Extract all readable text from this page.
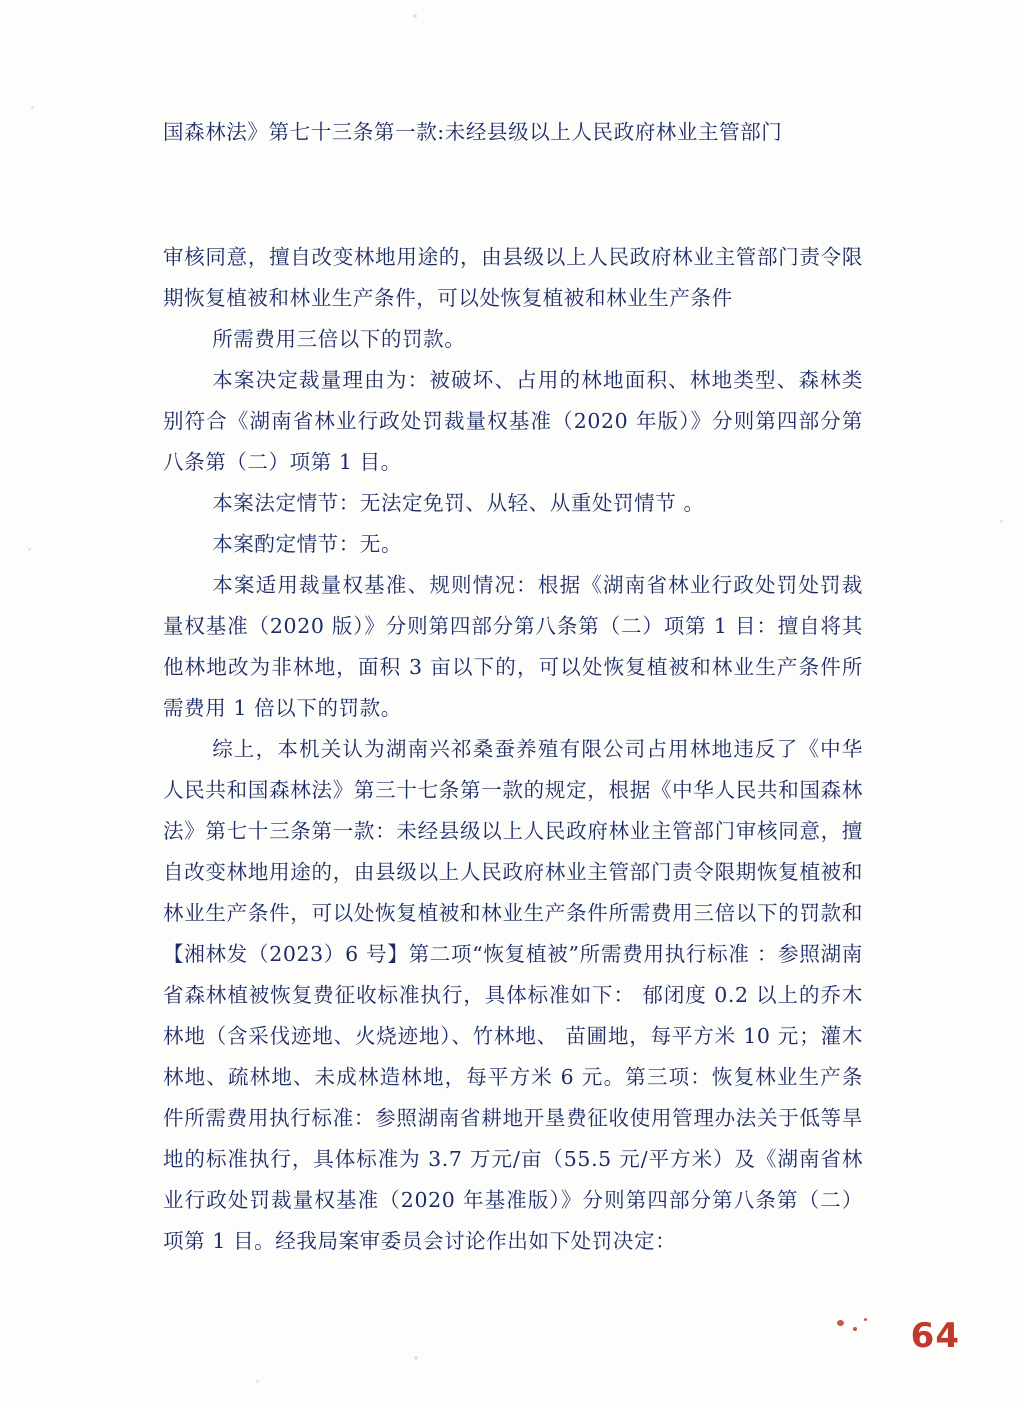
国森林法》第七十三条第一款:未经县级以上人民政府林业主管部门

审核同意，擅自改变林地用途的，由县级以上人民政府林业主管部门责令限期恢复植被和林业生产条件，可以处恢复植被和林业生产条件

所需费用三倍以下的罚款。

本案决定裁量理由为：被破坏、占用的林地面积、林地类型、森林类别符合《湖南省林业行政处罚裁量权基准（2020 年版）》分则第四部分第八条第（二）项第 1 目。

本案法定情节：无法定免罚、从轻、从重处罚情节 。

本案酌定情节：无。

本案适用裁量权基准、规则情况：根据《湖南省林业行政处罚处罚裁量权基准（2020 版）》分则第四部分第八条第（二）项第 1 目：擅自将其他林地改为非林地，面积 3 亩以下的，可以处恢复植被和林业生产条件所需费用 1 倍以下的罚款。

综上，本机关认为湖南兴祁桑蚕养殖有限公司占用林地违反了《中华人民共和国森林法》第三十七条第一款的规定，根据《中华人民共和国森林法》第七十三条第一款：未经县级以上人民政府林业主管部门审核同意，擅自改变林地用途的，由县级以上人民政府林业主管部门责令限期恢复植被和林业生产条件，可以处恢复植被和林业生产条件所需费用三倍以下的罚款和【湘林发（2023）6 号】第二项“恢复植被”所需费用执行标准 ：参照湖南省森林植被恢复费征收标准执行，具体标准如下： 郁闭度 0.2 以上的乔木林地（含采伐迹地、火烧迹地）、竹林地、 苗圃地，每平方米 10 元；灌木林地、疏林地、未成林造林地，每平方米 6 元。第三项：恢复林业生产条件所需费用执行标准：参照湖南省耕地开垦费征收使用管理办法关于低等旱地的标准执行，具体标准为 3.7 万元/亩（55.5 元/平方米）及《湖南省林业行政处罚裁量权基准（2020 年基准版）》分则第四部分第八条第（二）项第 1 目。经我局案审委员会讨论作出如下处罚决定：

64
